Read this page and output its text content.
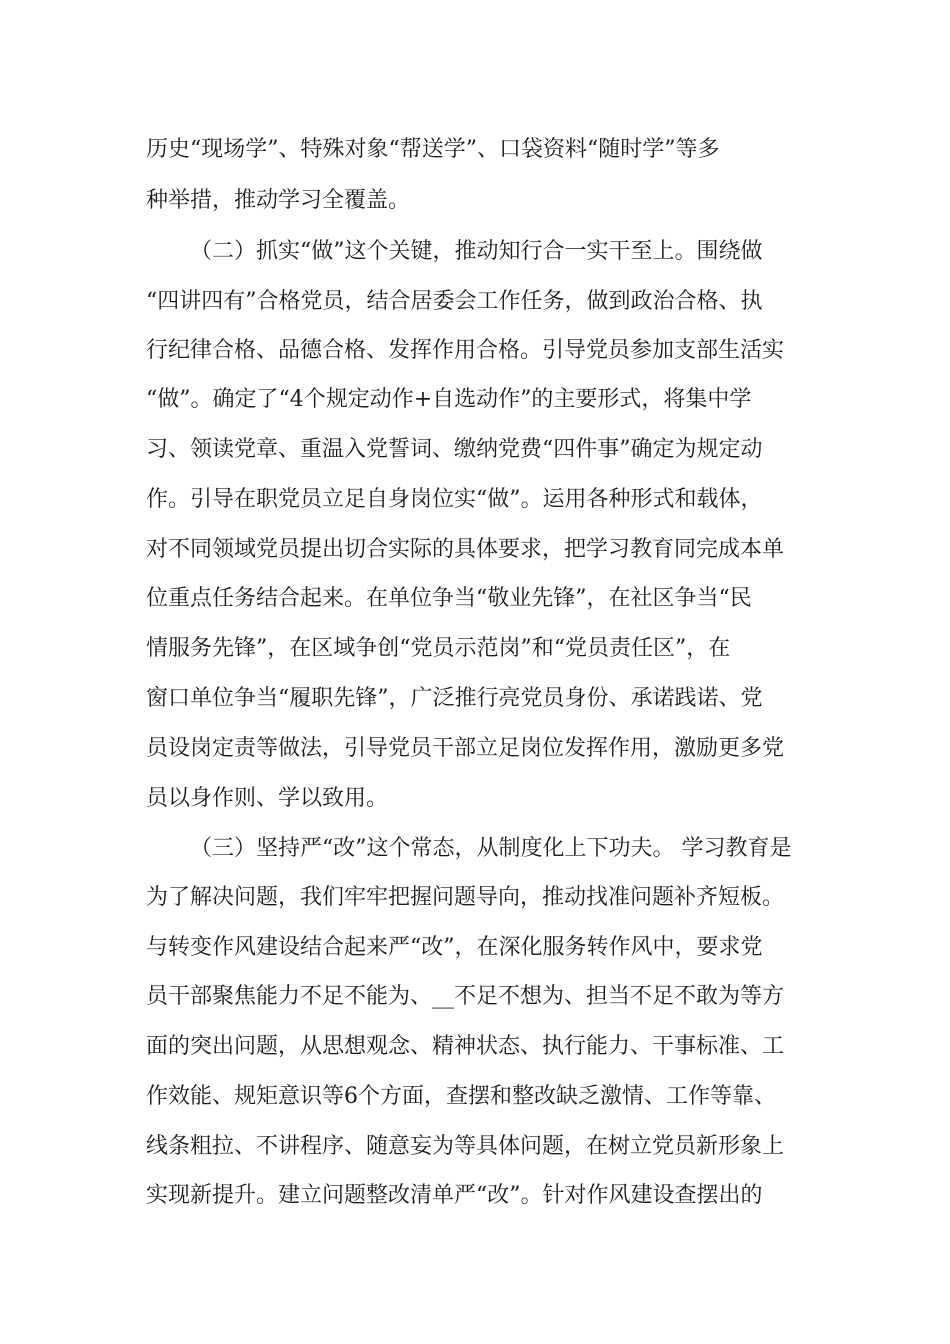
历史“现场学”、特殊对象“帮送学”、口袋资料“随时学”等多
种举措，推动学习全覆盖。
（二）抓实“做”这个关键，推动知行合一实干至上。围绕做
“四讲四有”合格党员，结合居委会工作任务，做到政治合格、执
行纪律合格、品德合格、发挥作用合格。引导党员参加支部生活实
“做”。确定了“4个规定动作+自选动作”的主要形式，将集中学
习、领读党章、重温入党誓词、缴纳党费“四件事”确定为规定动
作。引导在职党员立足自身岗位实“做”。运用各种形式和载体，
对不同领域党员提出切合实际的具体要求，把学习教育同完成本单
位重点任务结合起来。在单位争当“敬业先锋”，在社区争当“民
情服务先锋”，在区域争创“党员示范岗”和“党员责任区”，在
窗口单位争当“履职先锋”，广泛推行亮党员身份、承诺践诺、党
员设岗定责等做法，引导党员干部立足岗位发挥作用，激励更多党
员以身作则、学以致用。
（三）坚持严“改”这个常态，从制度化上下功夫。 学习教育是
为了解决问题，我们牢牢把握问题导向，推动找准问题补齐短板。
与转变作风建设结合起来严“改”，在深化服务转作风中，要求党
员干部聚焦能力不足不能为、__不足不想为、担当不足不敢为等方
面的突出问题，从思想观念、精神状态、执行能力、干事标准、工
作效能、规矩意识等6个方面，查摆和整改缺乏激情、工作等靠、
线条粗拉、不讲程序、随意妄为等具体问题，在树立党员新形象上
实现新提升。建立问题整改清单严“改”。针对作风建设查摆出的
